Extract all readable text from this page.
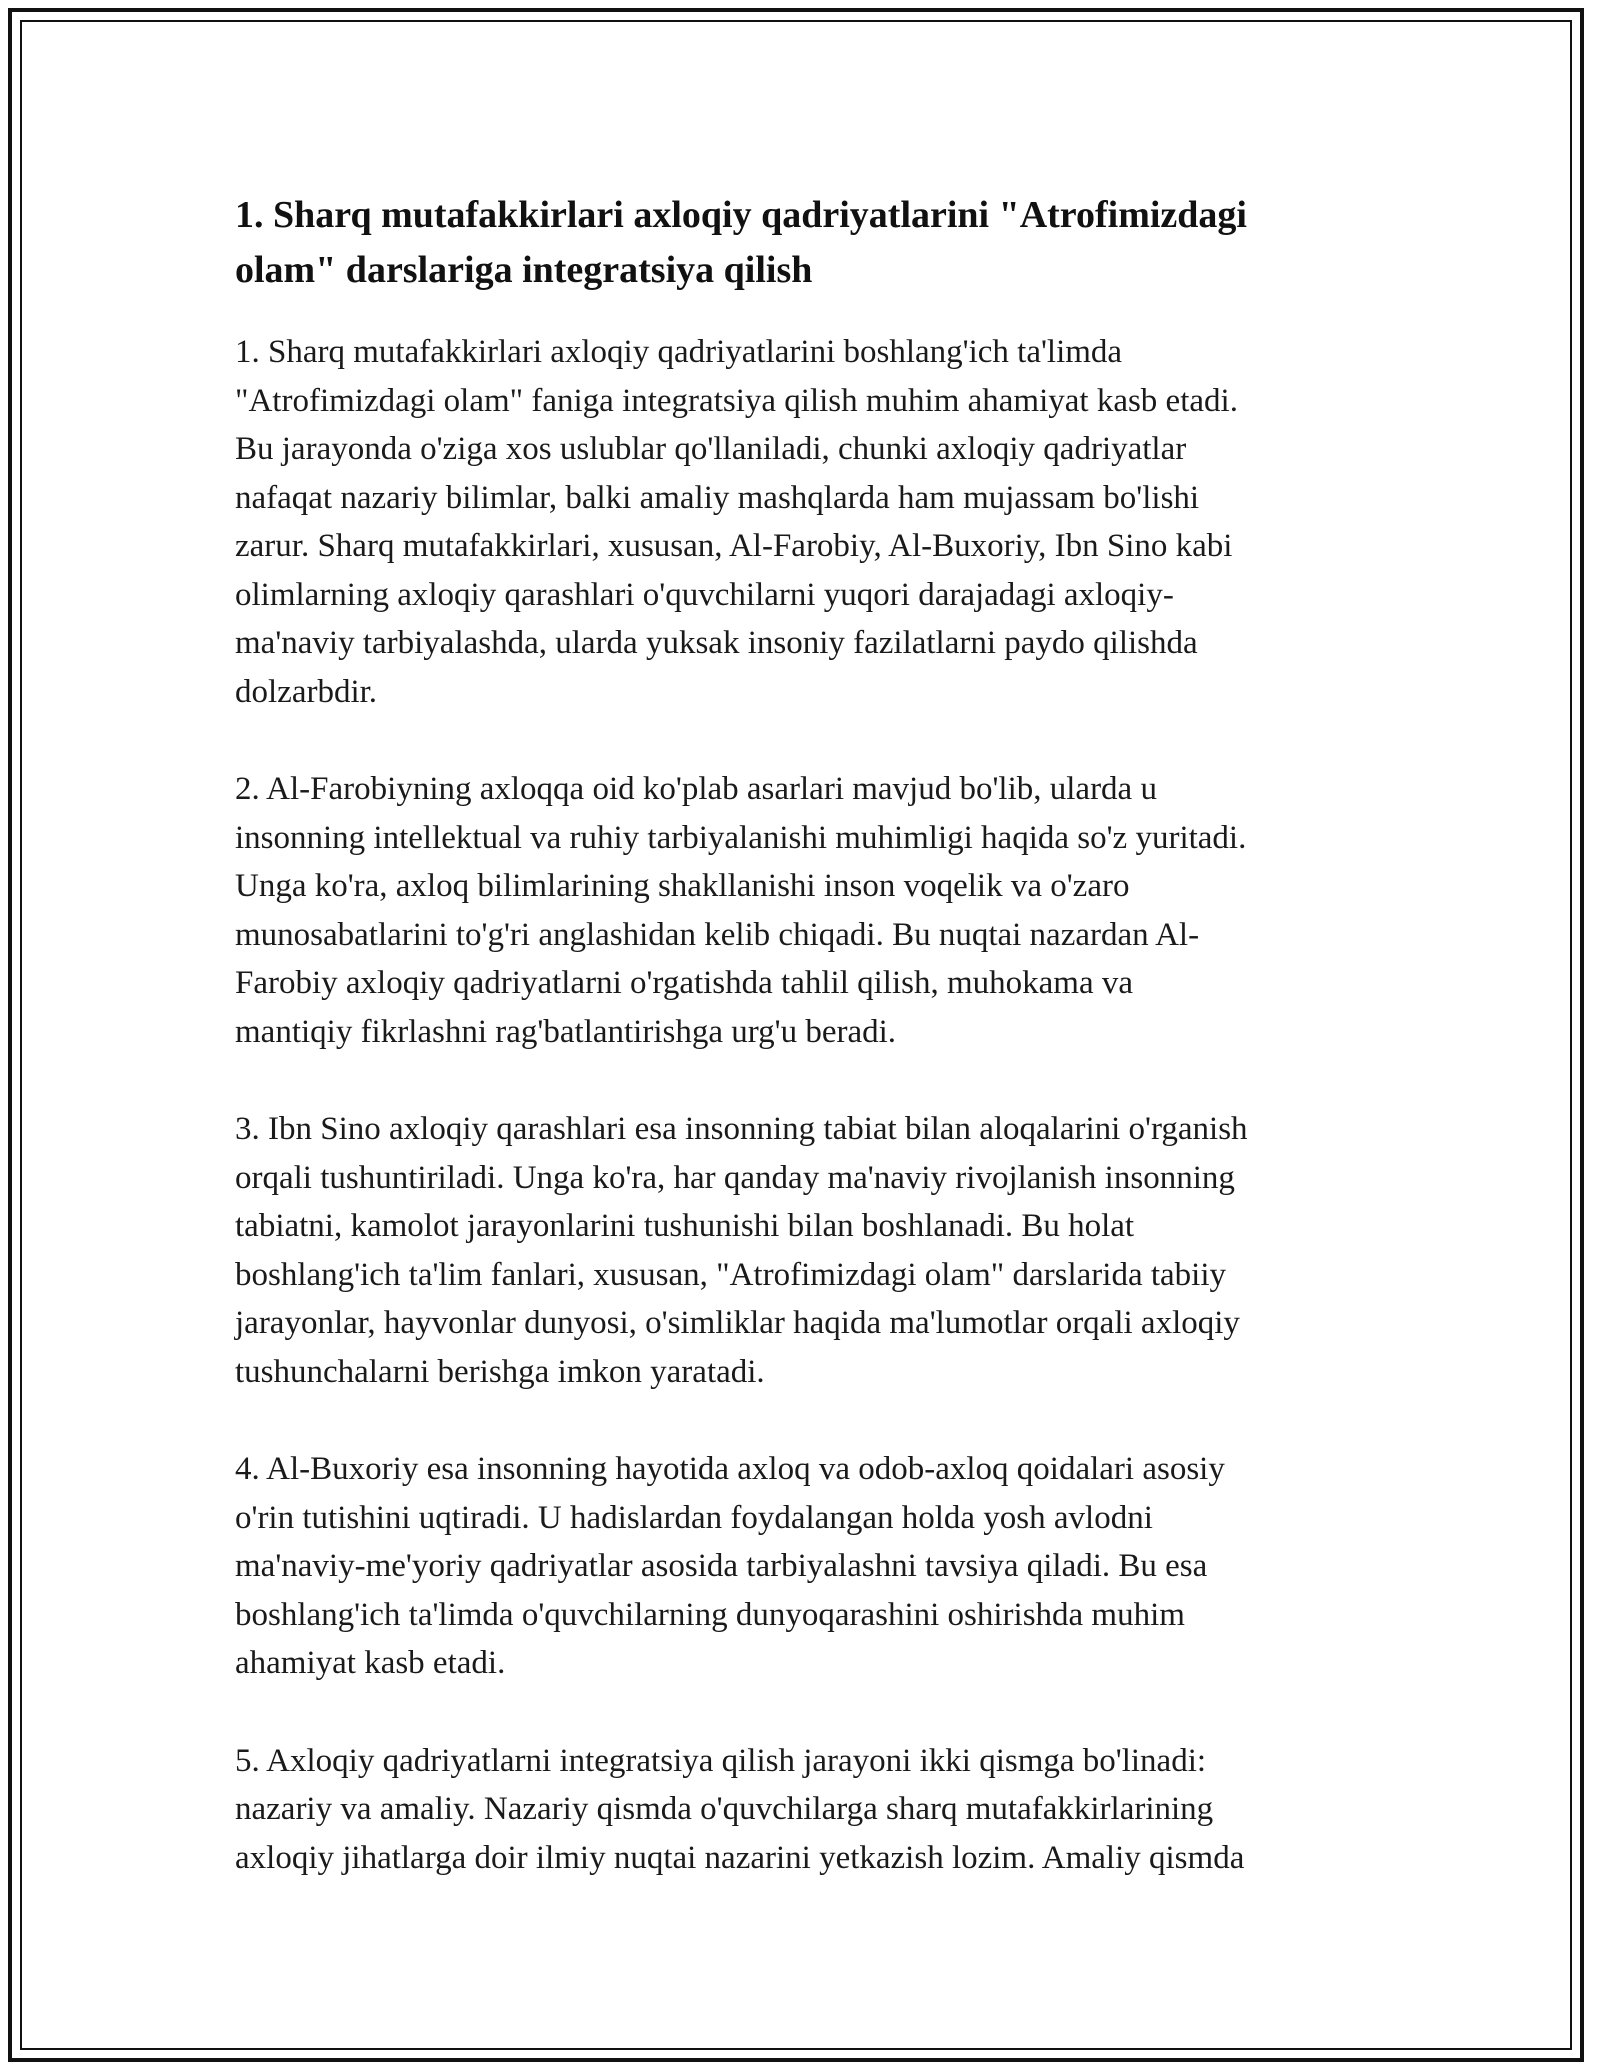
1. Sharq mutafakkirlari axloqiy qadriyatlarini "Atrofimizdagi
olam" darslariga integratsiya qilish

1. Sharq mutafakkirlari axloqiy qadriyatlarini boshlang'ich ta'limda
"Atrofimizdagi olam" faniga integratsiya qilish muhim ahamiyat kasb etadi.
Bu jarayonda o'ziga xos uslublar qo'llaniladi, chunki axloqiy qadriyatlar
nafaqat nazariy bilimlar, balki amaliy mashqlarda ham mujassam bo'lishi
zarur. Sharq mutafakkirlari, xususan, Al-Farobiy, Al-Buxoriy, Ibn Sino kabi
olimlarning axloqiy qarashlari o'quvchilarni yuqori darajadagi axloqiy-
ma'naviy tarbiyalashda, ularda yuksak insoniy fazilatlarni paydo qilishda
dolzarbdir.

2. Al-Farobiyning axloqqa oid ko'plab asarlari mavjud bo'lib, ularda u
insonning intellektual va ruhiy tarbiyalanishi muhimligi haqida so'z yuritadi.
Unga ko'ra, axloq bilimlarining shakllanishi inson voqelik va o'zaro
munosabatlarini to'g'ri anglashidan kelib chiqadi. Bu nuqtai nazardan Al-
Farobiy axloqiy qadriyatlarni o'rgatishda tahlil qilish, muhokama va
mantiqiy fikrlashni rag'batlantirishga urg'u beradi.

3. Ibn Sino axloqiy qarashlari esa insonning tabiat bilan aloqalarini o'rganish
orqali tushuntiriladi. Unga ko'ra, har qanday ma'naviy rivojlanish insonning
tabiatni, kamolot jarayonlarini tushunishi bilan boshlanadi. Bu holat
boshlang'ich ta'lim fanlari, xususan, "Atrofimizdagi olam" darslarida tabiiy
jarayonlar, hayvonlar dunyosi, o'simliklar haqida ma'lumotlar orqali axloqiy
tushunchalarni berishga imkon yaratadi.

4. Al-Buxoriy esa insonning hayotida axloq va odob-axloq qoidalari asosiy
o'rin tutishini uqtiradi. U hadislardan foydalangan holda yosh avlodni
ma'naviy-me'yoriy qadriyatlar asosida tarbiyalashni tavsiya qiladi. Bu esa
boshlang'ich ta'limda o'quvchilarning dunyoqarashini oshirishda muhim
ahamiyat kasb etadi.

5. Axloqiy qadriyatlarni integratsiya qilish jarayoni ikki qismga bo'linadi:
nazariy va amaliy. Nazariy qismda o'quvchilarga sharq mutafakkirlarining
axloqiy jihatlarga doir ilmiy nuqtai nazarini yetkazish lozim. Amaliy qismda
